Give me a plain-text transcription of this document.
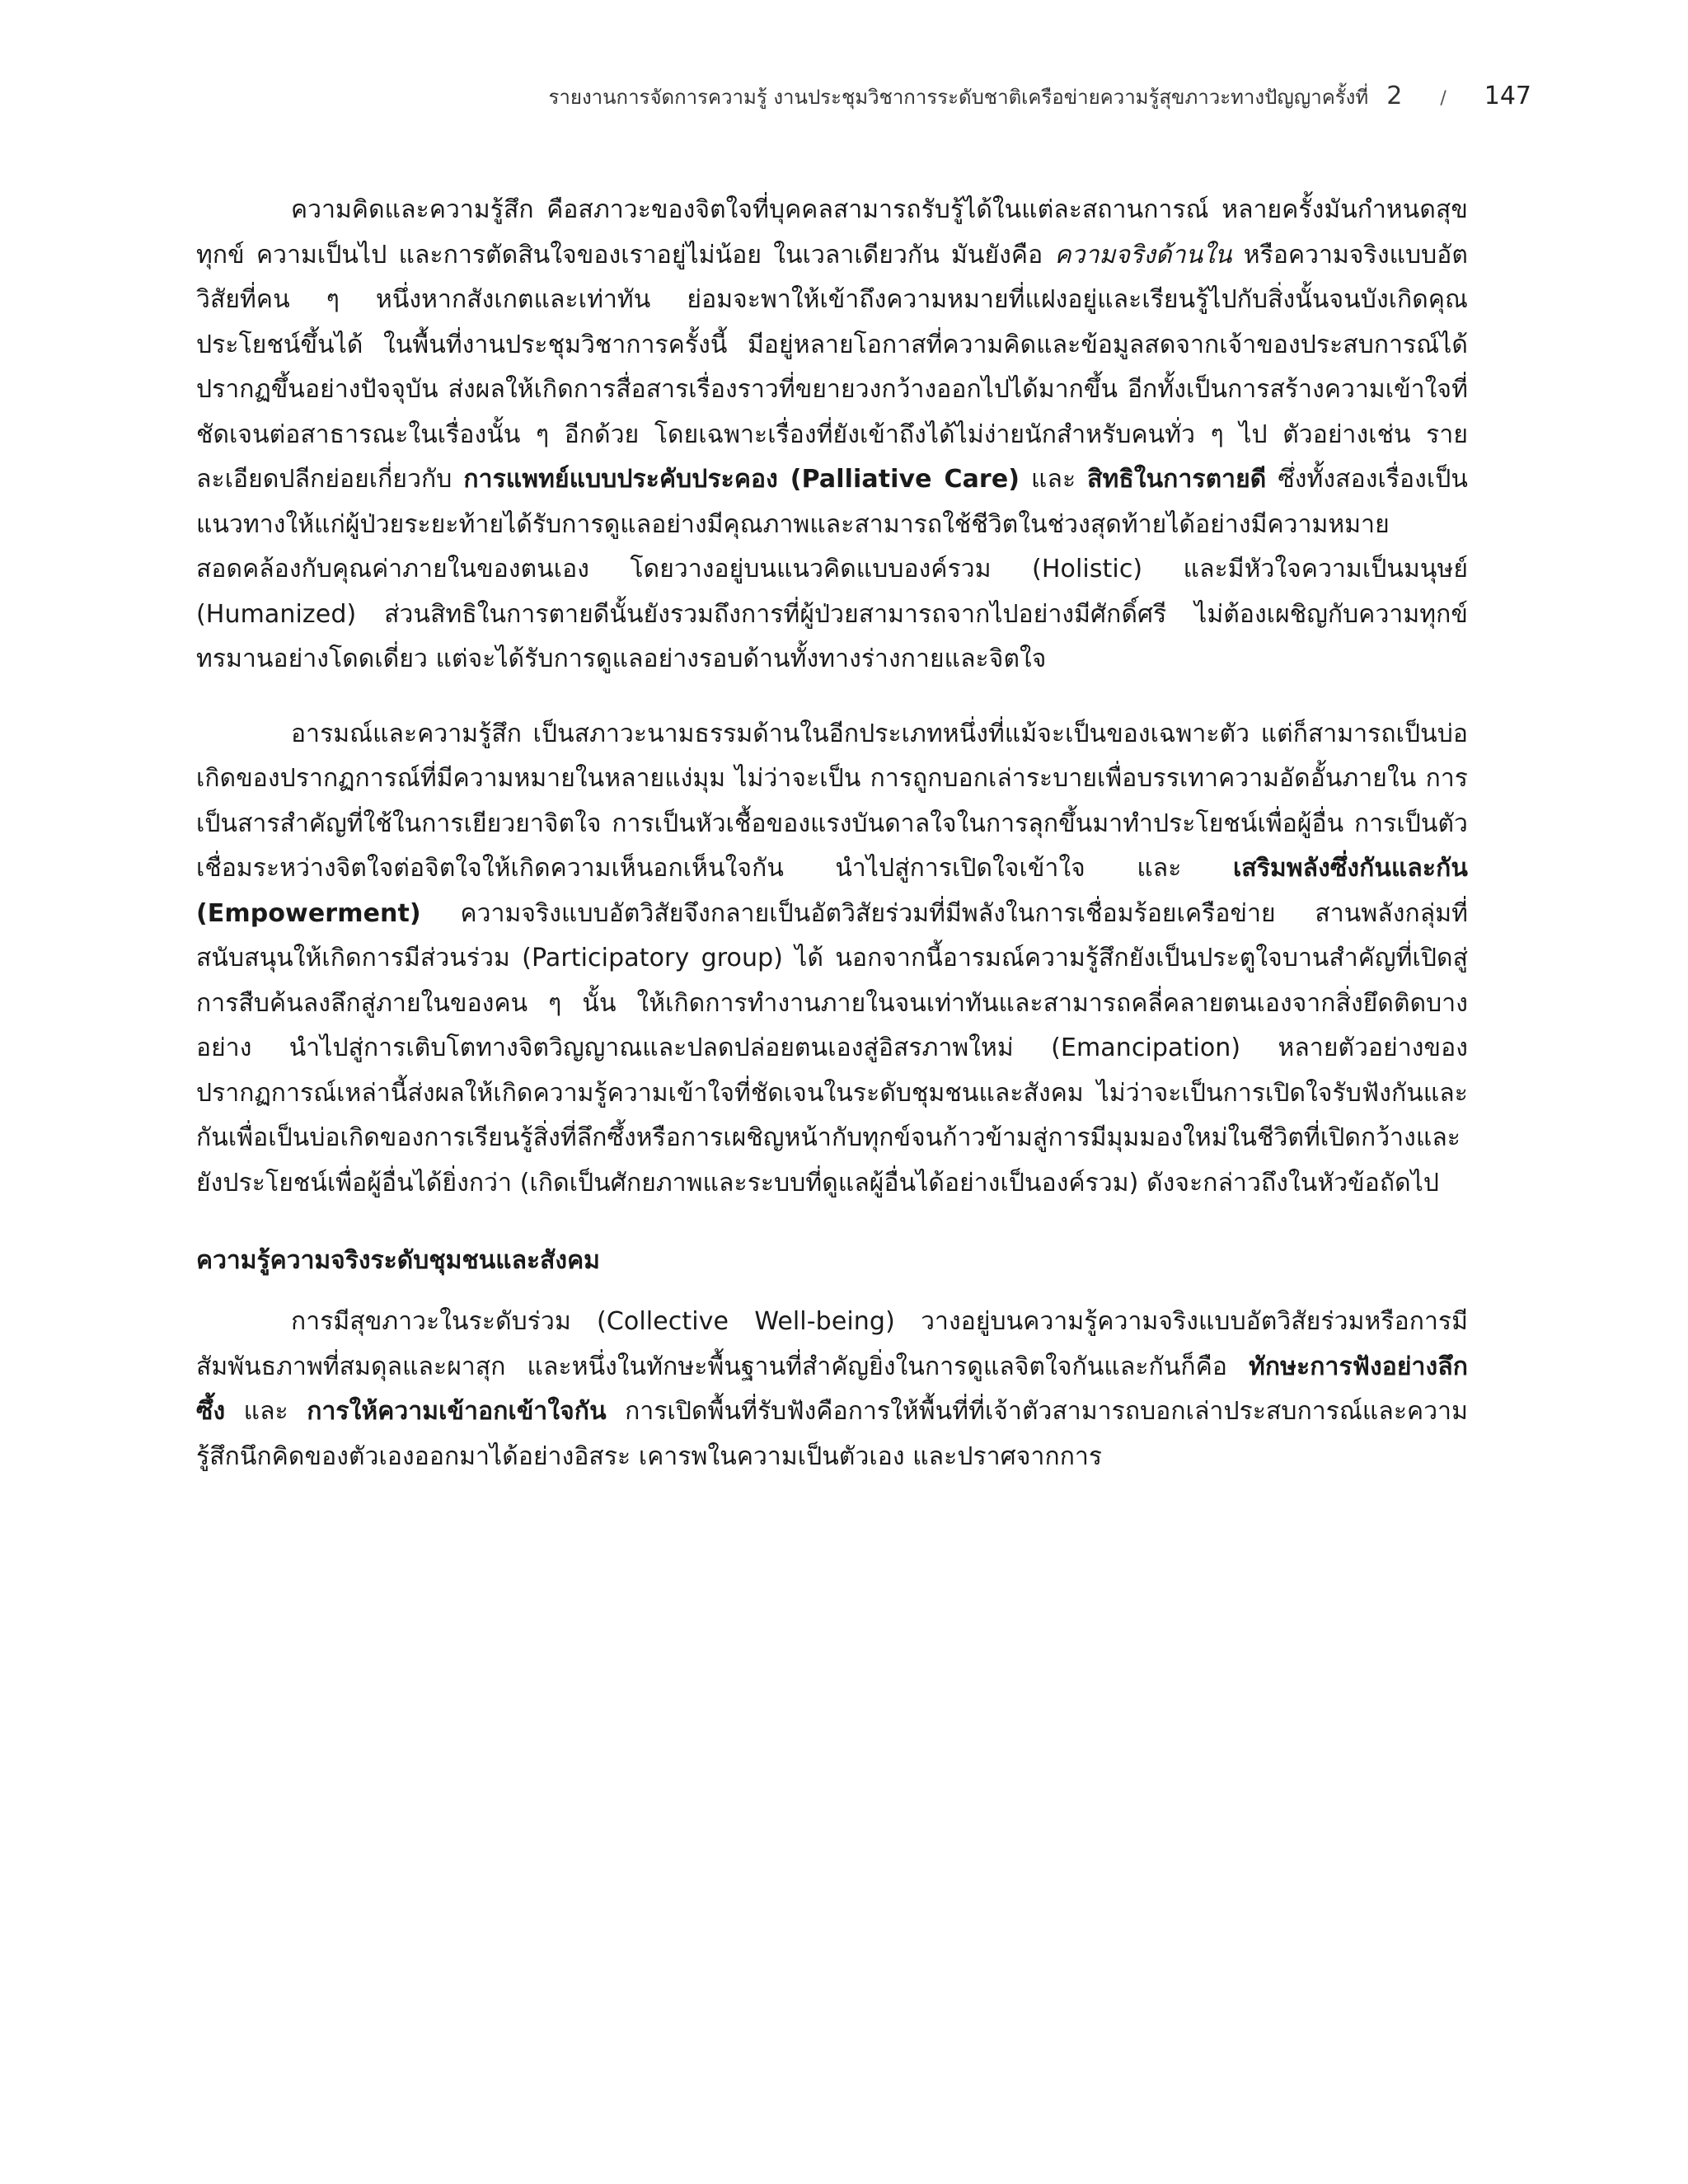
รายงานการจัดการความรู้ งานประชุมวิชาการระดับชาติเครือข่ายความรู้สุขภาวะทางปัญญาครั้งที่ 2 / 147

ความคิดและความรู้สึก คือสภาวะของจิตใจที่บุคคลสามารถรับรู้ได้ในแต่ละสถานการณ์ หลายครั้งมันกำหนดสุขทุกข์ ความเป็นไป และการตัดสินใจของเราอยู่ไม่น้อย ในเวลาเดียวกัน มันยังคือ ความจริงด้านใน หรือความจริงแบบอัตวิสัยที่คน ๆ หนึ่งหากสังเกตและเท่าทัน ย่อมจะพาให้เข้าถึงความหมายที่แฝงอยู่และเรียนรู้ไปกับสิ่งนั้นจนบังเกิดคุณประโยชน์ขึ้นได้ ในพื้นที่งานประชุมวิชาการครั้งนี้ มีอยู่หลายโอกาสที่ความคิดและข้อมูลสดจากเจ้าของประสบการณ์ได้ปรากฏขึ้นอย่างปัจจุบัน ส่งผลให้เกิดการสื่อสารเรื่องราวที่ขยายวงกว้างออกไปได้มากขึ้น อีกทั้งเป็นการสร้างความเข้าใจที่ชัดเจนต่อสาธารณะในเรื่องนั้น ๆ อีกด้วย โดยเฉพาะเรื่องที่ยังเข้าถึงได้ไม่ง่ายนักสำหรับคนทั่ว ๆ ไป ตัวอย่างเช่น รายละเอียดปลีกย่อยเกี่ยวกับ การแพทย์แบบประคับประคอง (Palliative Care) และ สิทธิในการตายดี ซึ่งทั้งสองเรื่องเป็นแนวทางให้แก่ผู้ป่วยระยะท้ายได้รับการดูแลอย่างมีคุณภาพและสามารถใช้ชีวิตในช่วงสุดท้ายได้อย่างมีความหมาย สอดคล้องกับคุณค่าภายในของตนเอง โดยวางอยู่บนแนวคิดแบบองค์รวม (Holistic) และมีหัวใจความเป็นมนุษย์ (Humanized) ส่วนสิทธิในการตายดีนั้นยังรวมถึงการที่ผู้ป่วยสามารถจากไปอย่างมีศักดิ์ศรี ไม่ต้องเผชิญกับความทุกข์ทรมานอย่างโดดเดี่ยว แต่จะได้รับการดูแลอย่างรอบด้านทั้งทางร่างกายและจิตใจ

อารมณ์และความรู้สึก เป็นสภาวะนามธรรมด้านในอีกประเภทหนึ่งที่แม้จะเป็นของเฉพาะตัว แต่ก็สามารถเป็นบ่อเกิดของปรากฏการณ์ที่มีความหมายในหลายแง่มุม ไม่ว่าจะเป็น การถูกบอกเล่าระบายเพื่อบรรเทาความอัดอั้นภายใน การเป็นสารสำคัญที่ใช้ในการเยียวยาจิตใจ การเป็นหัวเชื้อของแรงบันดาลใจในการลุกขึ้นมาทำประโยชน์เพื่อผู้อื่น การเป็นตัวเชื่อมระหว่างจิตใจต่อจิตใจให้เกิดความเห็นอกเห็นใจกัน นำไปสู่การเปิดใจเข้าใจ และ เสริมพลังซึ่งกันและกัน (Empowerment) ความจริงแบบอัตวิสัยจึงกลายเป็นอัตวิสัยร่วมที่มีพลังในการเชื่อมร้อยเครือข่าย สานพลังกลุ่มที่สนับสนุนให้เกิดการมีส่วนร่วม (Participatory group) ได้ นอกจากนี้อารมณ์ความรู้สึกยังเป็นประตูใจบานสำคัญที่เปิดสู่การสืบค้นลงลึกสู่ภายในของคน ๆ นั้น ให้เกิดการทำงานภายในจนเท่าทันและสามารถคลี่คลายตนเองจากสิ่งยึดติดบางอย่าง นำไปสู่การเติบโตทางจิตวิญญาณและปลดปล่อยตนเองสู่อิสรภาพใหม่ (Emancipation) หลายตัวอย่างของปรากฏการณ์เหล่านี้ส่งผลให้เกิดความรู้ความเข้าใจที่ชัดเจนในระดับชุมชนและสังคม ไม่ว่าจะเป็นการเปิดใจรับฟังกันและกันเพื่อเป็นบ่อเกิดของการเรียนรู้สิ่งที่ลึกซึ้งหรือการเผชิญหน้ากับทุกข์จนก้าวข้ามสู่การมีมุมมองใหม่ในชีวิตที่เปิดกว้างและยังประโยชน์เพื่อผู้อื่นได้ยิ่งกว่า (เกิดเป็นศักยภาพและระบบที่ดูแลผู้อื่นได้อย่างเป็นองค์รวม) ดังจะกล่าวถึงในหัวข้อถัดไป

ความรู้ความจริงระดับชุมชนและสังคม

การมีสุขภาวะในระดับร่วม (Collective Well-being) วางอยู่บนความรู้ความจริงแบบอัตวิสัยร่วมหรือการมีสัมพันธภาพที่สมดุลและผาสุก และหนึ่งในทักษะพื้นฐานที่สำคัญยิ่งในการดูแลจิตใจกันและกันก็คือ ทักษะการฟังอย่างลึกซึ้ง และ การให้ความเข้าอกเข้าใจกัน การเปิดพื้นที่รับฟังคือการให้พื้นที่ที่เจ้าตัวสามารถบอกเล่าประสบการณ์และความรู้สึกนึกคิดของตัวเองออกมาได้อย่างอิสระ เคารพในความเป็นตัวเอง และปราศจากการ
